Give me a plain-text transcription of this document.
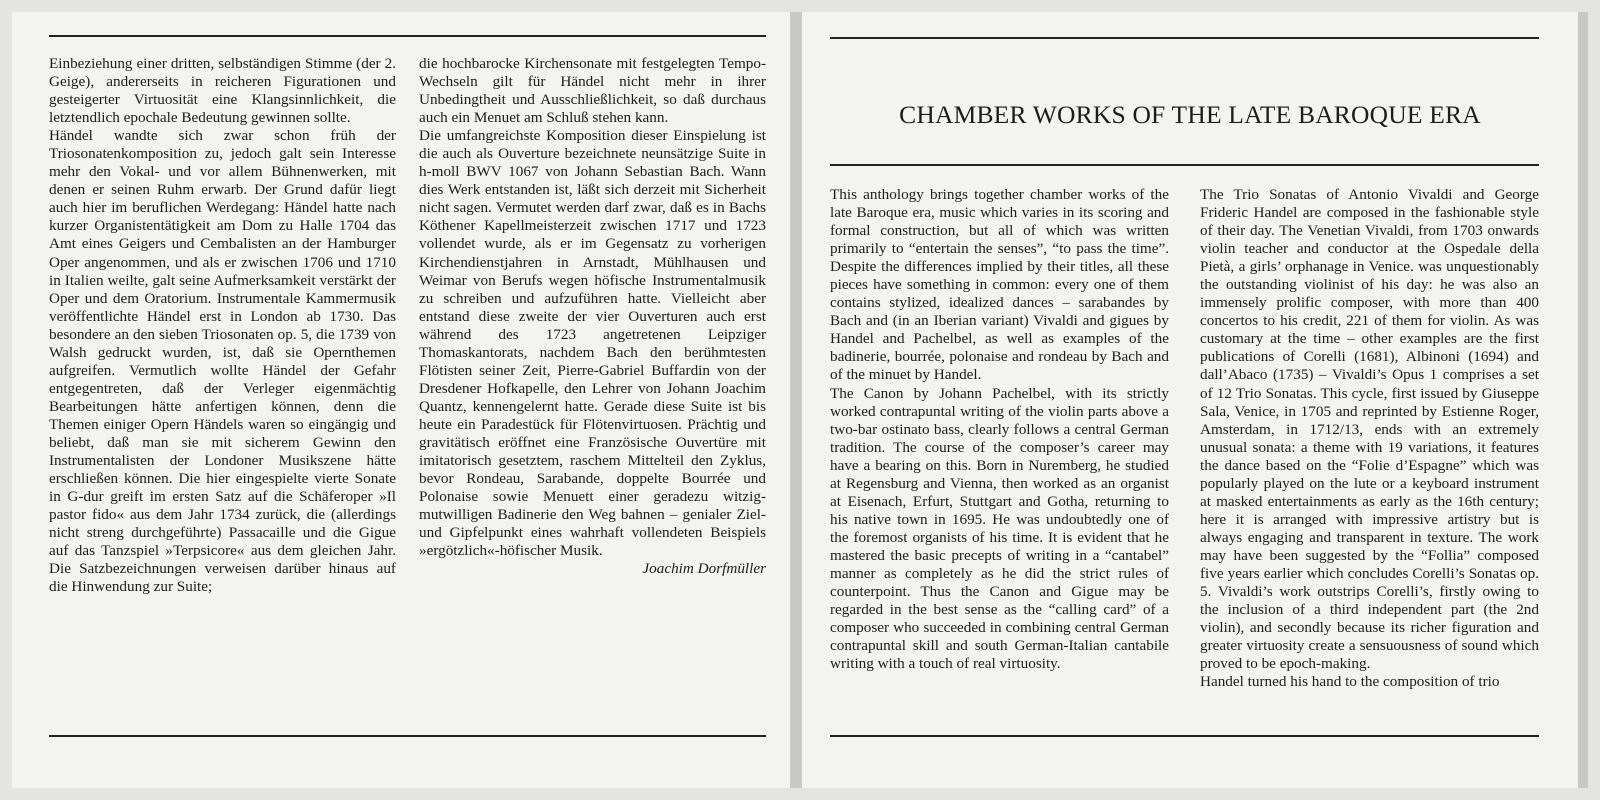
Einbeziehung einer dritten, selbständigen Stimme (der 2. Geige), andererseits in reicheren Figurationen und gesteigerter Virtuosität eine Klangsinnlichkeit, die letztendlich epochale Bedeutung gewinnen sollte.

Händel wandte sich zwar schon früh der Triosonatenkomposition zu, jedoch galt sein Interesse mehr den Vokal- und vor allem Bühnenwerken, mit denen er seinen Ruhm erwarb. Der Grund dafür liegt auch hier im beruflichen Werdegang: Händel hatte nach kurzer Organistentätigkeit am Dom zu Halle 1704 das Amt eines Geigers und Cembalisten an der Hamburger Oper angenommen, und als er zwischen 1706 und 1710 in Italien weilte, galt seine Aufmerksamkeit verstärkt der Oper und dem Oratorium. Instrumentale Kammermusik veröffentlichte Händel erst in London ab 1730. Das besondere an den sieben Triosonaten op. 5, die 1739 von Walsh gedruckt wurden, ist, daß sie Opernthemen aufgreifen. Vermutlich wollte Händel der Gefahr entgegentreten, daß der Verleger eigenmächtig Bearbeitungen hätte anfertigen können, denn die Themen einiger Opern Händels waren so eingängig und beliebt, daß man sie mit sicherem Gewinn den Instrumentalisten der Londoner Musikszene hätte erschließen können. Die hier eingespielte vierte Sonate in G-dur greift im ersten Satz auf die Schäferoper »Il pastor fido« aus dem Jahr 1734 zurück, die (allerdings nicht streng durchgeführte) Passacaille und die Gigue auf das Tanzspiel »Terpsicore« aus dem gleichen Jahr. Die Satzbezeichnungen verweisen darüber hinaus auf die Hinwendung zur Suite;

die hochbarocke Kirchensonate mit festgelegten Tempo-Wechseln gilt für Händel nicht mehr in ihrer Unbedingtheit und Ausschließlichkeit, so daß durchaus auch ein Menuet am Schluß stehen kann.

Die umfangreichste Komposition dieser Einspielung ist die auch als Ouverture bezeichnete neunsätzige Suite in h-moll BWV 1067 von Johann Sebastian Bach. Wann dies Werk entstanden ist, läßt sich derzeit mit Sicherheit nicht sagen. Vermutet werden darf zwar, daß es in Bachs Köthener Kapellmeisterzeit zwischen 1717 und 1723 vollendet wurde, als er im Gegensatz zu vorherigen Kirchendienstjahren in Arnstadt, Mühlhausen und Weimar von Berufs wegen höfische Instrumentalmusik zu schreiben und aufzuführen hatte. Vielleicht aber entstand diese zweite der vier Ouverturen auch erst während des 1723 angetretenen Leipziger Thomaskantorats, nachdem Bach den berühmtesten Flötisten seiner Zeit, Pierre-Gabriel Buffardin von der Dresdener Hofkapelle, den Lehrer von Johann Joachim Quantz, kennengelernt hatte. Gerade diese Suite ist bis heute ein Paradestück für Flötenvirtuosen. Prächtig und gravitätisch eröffnet eine Französische Ouvertüre mit imitatorisch gesetztem, raschem Mittelteil den Zyklus, bevor Rondeau, Sarabande, doppelte Bourrée und Polonaise sowie Menuett einer geradezu witzig-mutwilligen Badinerie den Weg bahnen – genialer Ziel- und Gipfelpunkt eines wahrhaft vollendeten Beispiels »ergötzlich«-höfischer Musik.

Joachim Dorfmüller

CHAMBER WORKS OF THE LATE BAROQUE ERA

This anthology brings together chamber works of the late Baroque era, music which varies in its scoring and formal construction, but all of which was written primarily to “entertain the senses”, “to pass the time”. Despite the differences implied by their titles, all these pieces have something in common: every one of them contains stylized, idealized dances – sarabandes by Bach and (in an Iberian variant) Vivaldi and gigues by Handel and Pachelbel, as well as examples of the badinerie, bourrée, polonaise and rondeau by Bach and of the minuet by Handel.

The Canon by Johann Pachelbel, with its strictly worked contrapuntal writing of the violin parts above a two-bar ostinato bass, clearly follows a central German tradition. The course of the composer’s career may have a bearing on this. Born in Nuremberg, he studied at Regensburg and Vienna, then worked as an organist at Eisenach, Erfurt, Stuttgart and Gotha, returning to his native town in 1695. He was undoubtedly one of the foremost organists of his time. It is evident that he mastered the basic precepts of writing in a “cantabel” manner as completely as he did the strict rules of counterpoint. Thus the Canon and Gigue may be regarded in the best sense as the “calling card” of a composer who succeeded in combining central German contrapuntal skill and south German-Italian cantabile writing with a touch of real virtuosity.

The Trio Sonatas of Antonio Vivaldi and George Frideric Handel are composed in the fashionable style of their day. The Venetian Vivaldi, from 1703 onwards violin teacher and conductor at the Ospedale della Pietà, a girls’ orphanage in Venice. was unquestionably the outstanding violinist of his day: he was also an immensely prolific composer, with more than 400 concertos to his credit, 221 of them for violin. As was customary at the time – other examples are the first publications of Corelli (1681), Albinoni (1694) and dall’Abaco (1735) – Vivaldi’s Opus 1 comprises a set of 12 Trio Sonatas. This cycle, first issued by Giuseppe Sala, Venice, in 1705 and reprinted by Estienne Roger, Amsterdam, in 1712/13, ends with an extremely unusual sonata: a theme with 19 variations, it features the dance based on the “Folie d’Espagne” which was popularly played on the lute or a keyboard instrument at masked entertainments as early as the 16th century; here it is arranged with impressive artistry but is always engaging and transparent in texture. The work may have been suggested by the “Follia” composed five years earlier which concludes Corelli’s Sonatas op. 5. Vivaldi’s work outstrips Corelli’s, firstly owing to the inclusion of a third independent part (the 2nd violin), and secondly because its richer figuration and greater virtuosity create a sensuousness of sound which proved to be epoch-making.

Handel turned his hand to the composition of trio
